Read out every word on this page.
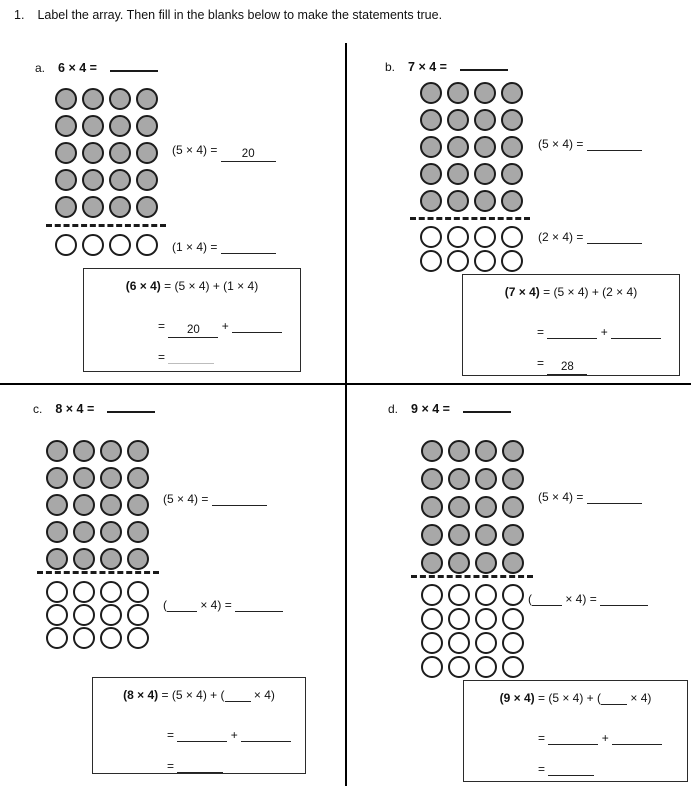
1. Label the array. Then fill in the blanks below to make the statements true.
a. 6 × 4 =
(5 × 4) = 20
(1 × 4) =
(6 × 4) = (5 × 4) + (1 × 4)
= 20 +
=
b. 7 × 4 =
(5 × 4) =
(2 × 4) =
(7 × 4) = (5 × 4) + (2 × 4)
=	+
= 28
c. 8 × 4 =
(5 × 4) =
(	× 4) =
(8 × 4) = (5 × 4) + ( × 4)
=	+
=
d. 9 × 4 =
(5 × 4) =
(	× 4) =
(9 × 4) = (5 × 4) + ( × 4)
=	+
=
